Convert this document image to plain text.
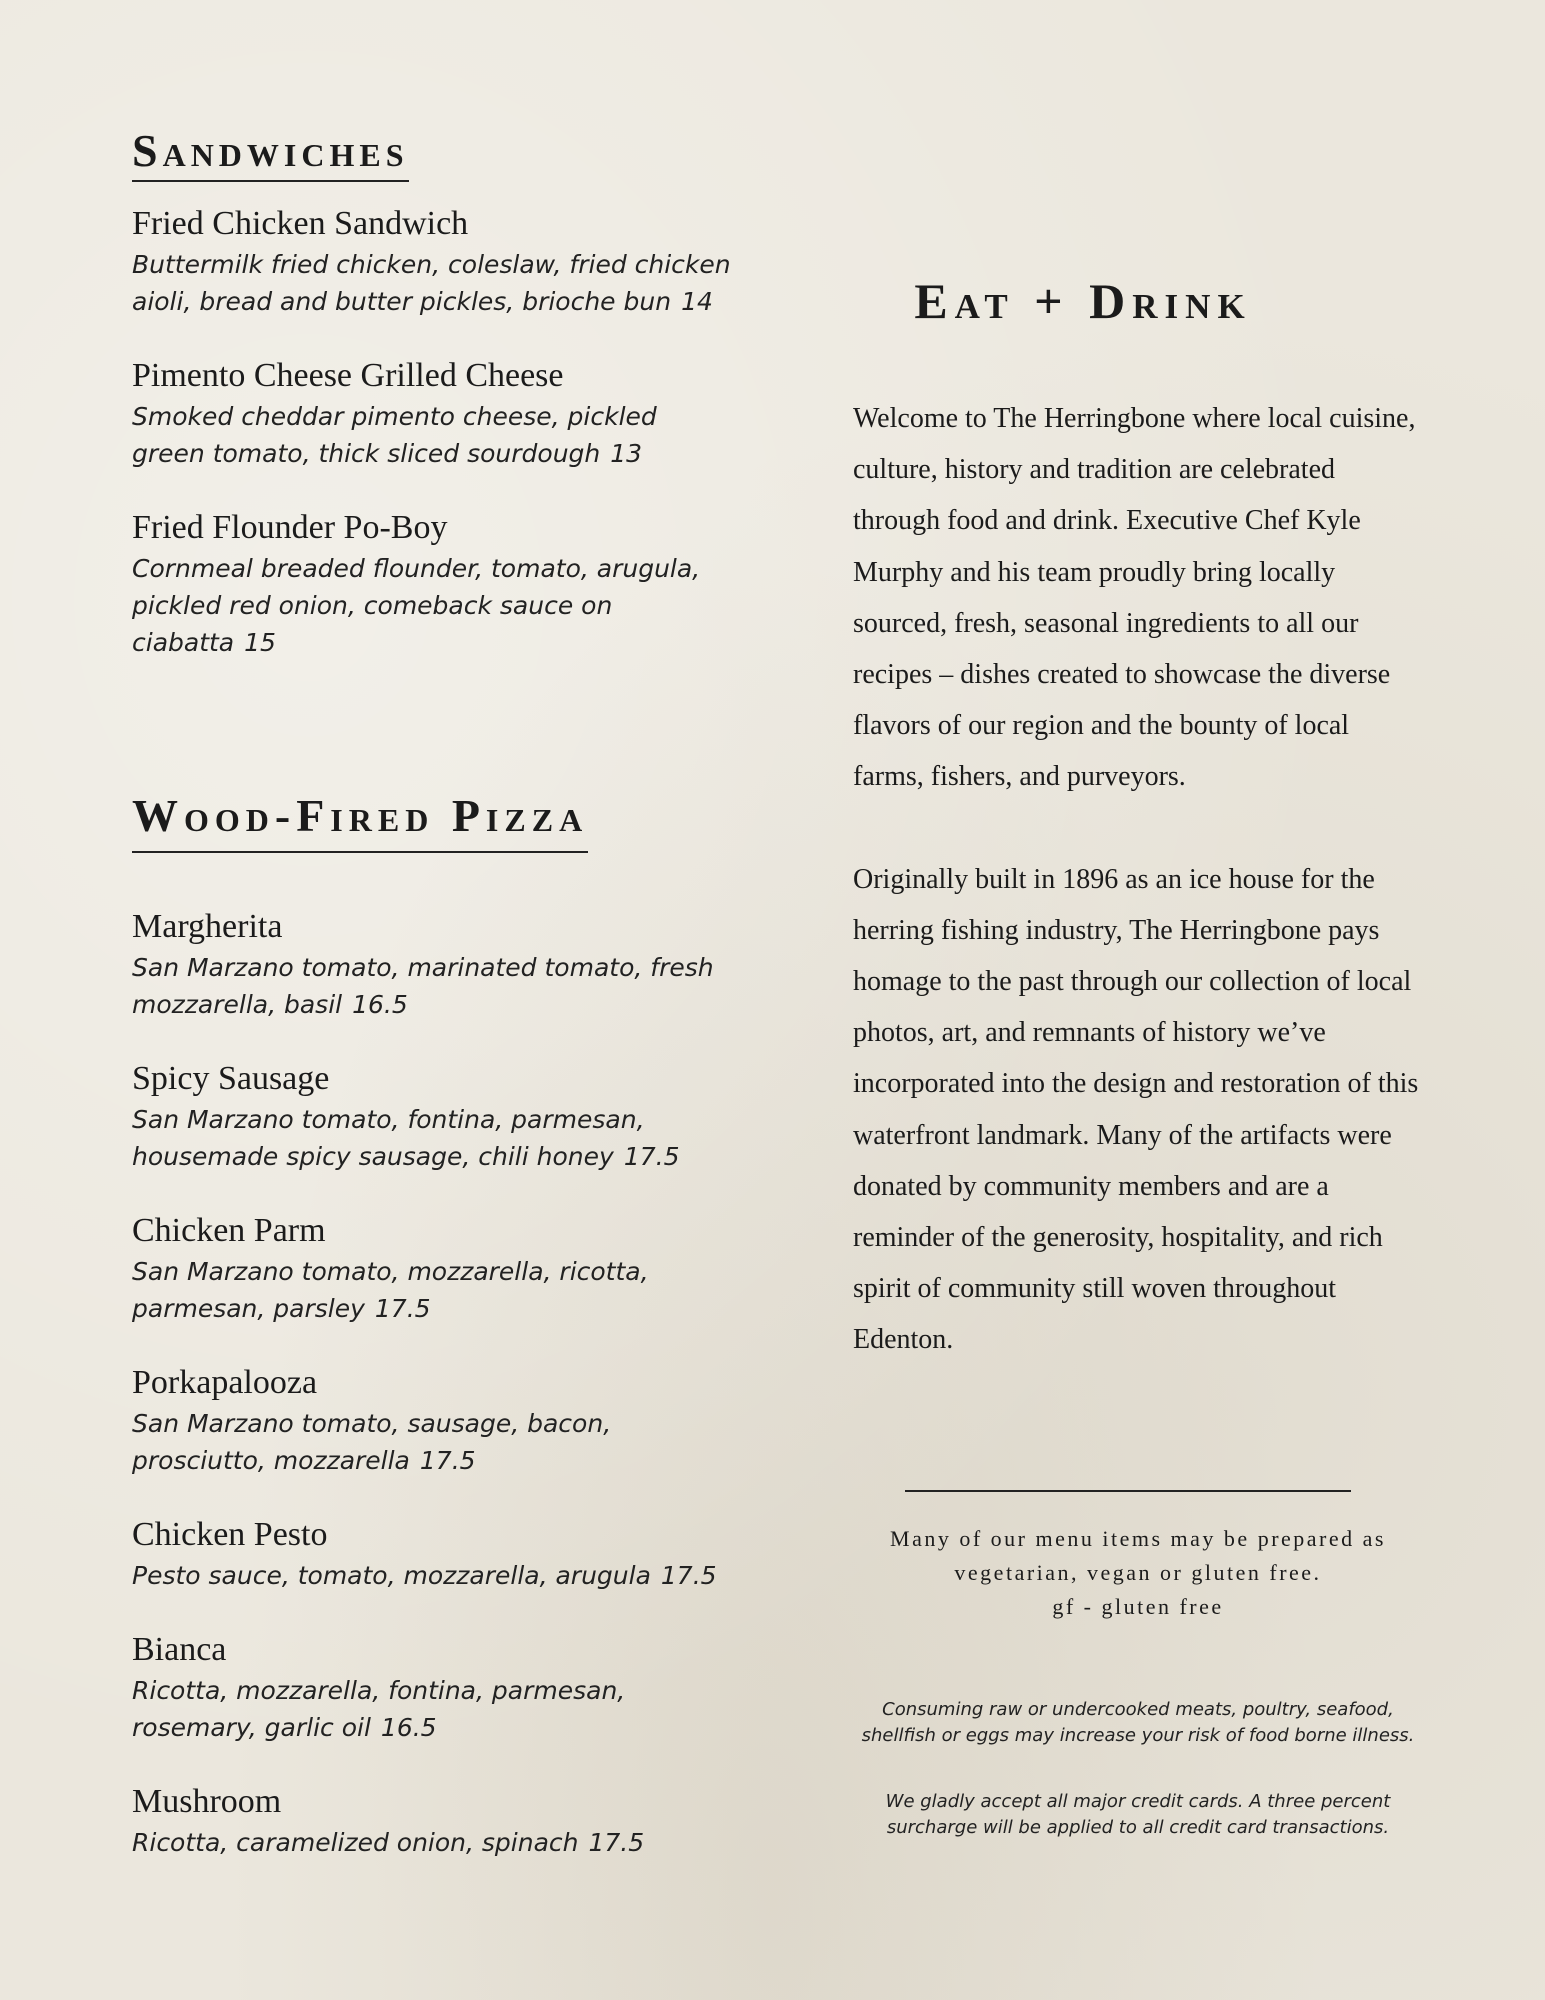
Sandwiches

Fried Chicken Sandwich

Buttermilk fried chicken, coleslaw, fried chicken aioli, bread and butter pickles, brioche bun 14

Pimento Cheese Grilled Cheese

Smoked cheddar pimento cheese, pickled green tomato, thick sliced sourdough 13

Fried Flounder Po-Boy

Cornmeal breaded flounder, tomato, arugula, pickled red onion, comeback sauce on ciabatta 15

Wood-Fired Pizza

Margherita

San Marzano tomato, marinated tomato, fresh mozzarella, basil 16.5

Spicy Sausage

San Marzano tomato, fontina, parmesan, housemade spicy sausage, chili honey 17.5

Chicken Parm

San Marzano tomato, mozzarella, ricotta, parmesan, parsley 17.5

Porkapalooza

San Marzano tomato, sausage, bacon, prosciutto, mozzarella 17.5

Chicken Pesto

Pesto sauce, tomato, mozzarella, arugula 17.5

Bianca

Ricotta, mozzarella, fontina, parmesan, rosemary, garlic oil 16.5

Mushroom

Ricotta, caramelized onion, spinach 17.5

Eat + Drink

Welcome to The Herringbone where local cuisine, culture, history and tradition are celebrated through food and drink. Executive Chef Kyle Murphy and his team proudly bring locally sourced, fresh, seasonal ingredients to all our recipes – dishes created to showcase the diverse flavors of our region and the bounty of local farms, fishers, and purveyors.

Originally built in 1896 as an ice house for the herring fishing industry, The Herringbone pays homage to the past through our collection of local photos, art, and remnants of history we’ve incorporated into the design and restoration of this waterfront landmark. Many of the artifacts were donated by community members and are a reminder of the generosity, hospitality, and rich spirit of community still woven throughout Edenton.

Many of our menu items may be prepared as
vegetarian, vegan or gluten free.
gf - gluten free
Consuming raw or undercooked meats, poultry, seafood, shellfish or eggs may increase your risk of food borne illness.
We gladly accept all major credit cards. A three percent surcharge will be applied to all credit card transactions.
